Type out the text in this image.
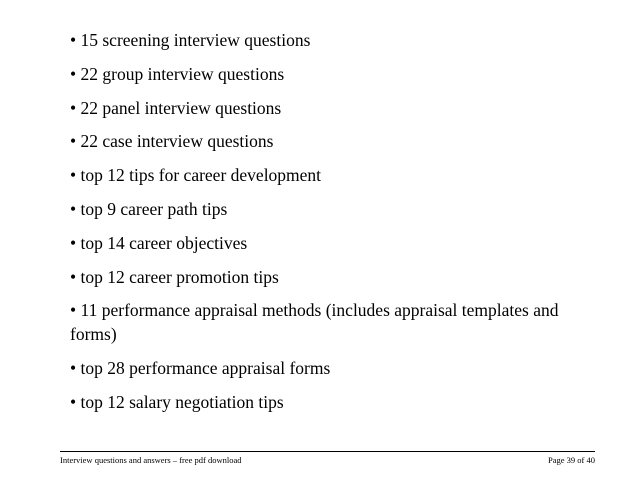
• 15 screening interview questions

• 22 group interview questions

• 22 panel interview questions

• 22 case interview questions

• top 12 tips for career development

• top 9 career path tips

• top 14 career objectives

• top 12 career promotion tips

• 11 performance appraisal methods (includes appraisal templates and forms)

• top 28 performance appraisal forms

• top 12 salary negotiation tips

Interview questions and answers – free pdf download	Page 39 of 40
